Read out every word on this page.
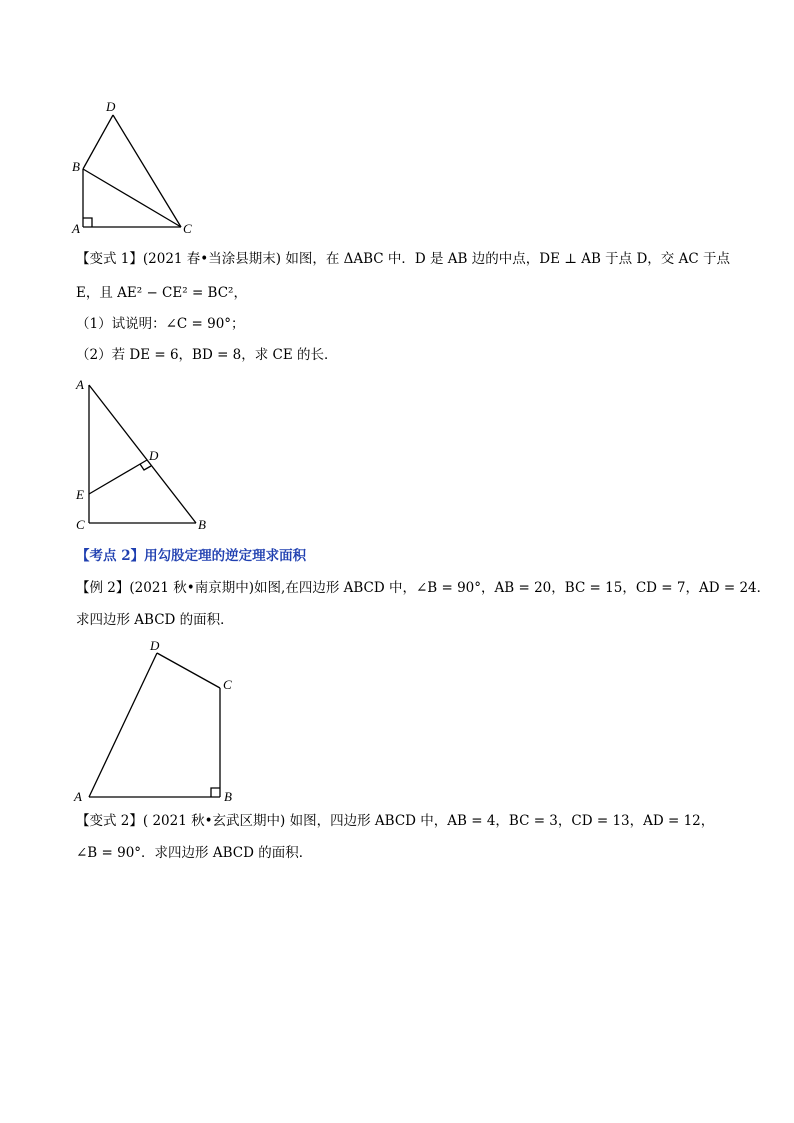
D
B
A	C
【变式 1】(2021 春•当涂县期末) 如图，在 ΔABC 中．D 是 AB 边的中点，DE ⊥ AB 于点 D，交 AC 于点
E，且 AE² − CE² = BC²，
（1）试说明：∠C = 90°；
（2）若 DE = 6，BD = 8，求 CE 的长．
A
D
E
C	B
【考点 2】用勾股定理的逆定理求面积
【例 2】(2021 秋•南京期中)如图,在四边形 ABCD 中，∠B = 90°，AB = 20，BC = 15，CD = 7，AD = 24．
求四边形 ABCD 的面积．
D
C
A	B
【变式 2】( 2021 秋•玄武区期中) 如图，四边形 ABCD 中，AB = 4，BC = 3，CD = 13，AD = 12，
∠B = 90°．求四边形 ABCD 的面积．
